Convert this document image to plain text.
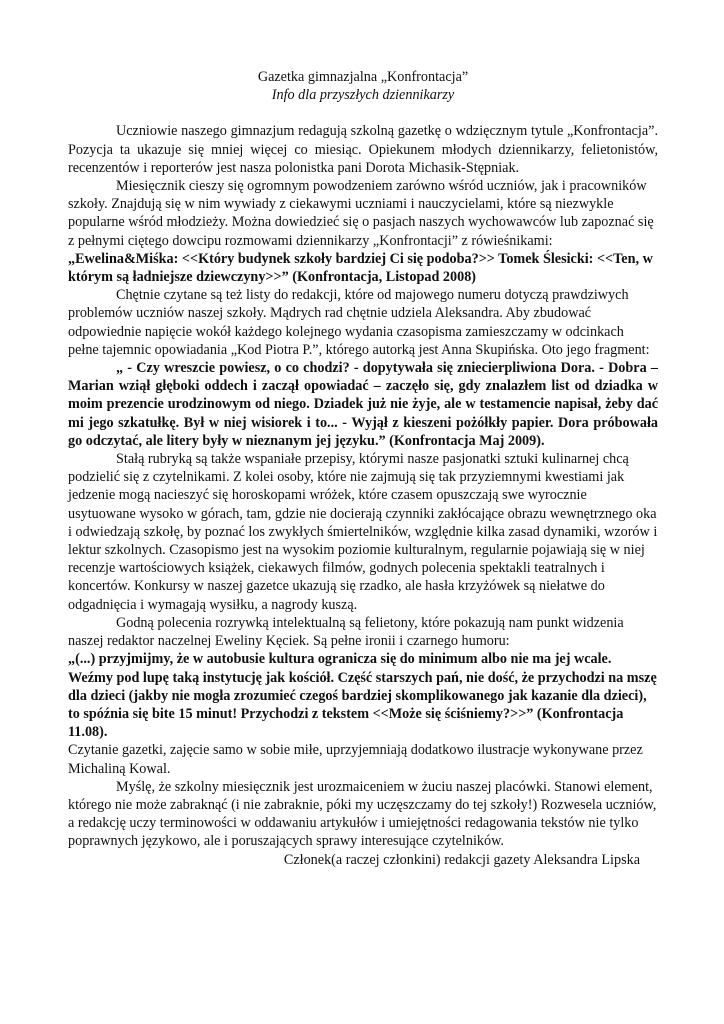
Gazetka gimnazjalna „Konfrontacja”

Info dla przyszłych dziennikarzy

Uczniowie naszego gimnazjum redagują szkolną gazetkę o wdzięcznym tytule „Konfrontacja”. Pozycja ta ukazuje się mniej więcej co miesiąc. Opiekunem młodych dziennikarzy, felietonistów, recenzentów i reporterów jest nasza polonistka pani Dorota Michasik-Stępniak.

Miesięcznik cieszy się ogromnym powodzeniem zarówno wśród uczniów, jak i pracowników szkoły. Znajdują się w nim wywiady z ciekawymi uczniami i nauczycielami, które są niezwykle popularne wśród młodzieży. Można dowiedzieć się o pasjach naszych wychowawców lub zapoznać się z pełnymi ciętego dowcipu rozmowami dziennikarzy „Konfrontacji” z rówieśnikami:

„Ewelina&Miśka: <<Który budynek szkoły bardziej Ci się podoba?>> Tomek Ślesicki: <<Ten, w którym są ładniejsze dziewczyny>>” (Konfrontacja, Listopad 2008)

Chętnie czytane są też listy do redakcji, które od majowego numeru dotyczą prawdziwych problemów uczniów naszej szkoły. Mądrych rad chętnie udziela Aleksandra. Aby zbudować odpowiednie napięcie wokół każdego kolejnego wydania czasopisma zamieszczamy w odcinkach pełne tajemnic opowiadania „Kod Piotra P.”, którego autorką jest Anna Skupińska. Oto jego fragment:

„ - Czy wreszcie powiesz, o co chodzi? - dopytywała się zniecierpliwiona Dora. - Dobra – Marian wziął głęboki oddech i zaczął opowiadać – zaczęło się, gdy znalazłem list od dziadka w moim prezencie urodzinowym od niego. Dziadek już nie żyje, ale w testamencie napisał, żeby dać mi jego szkatułkę. Był w niej wisiorek i to... - Wyjął z kieszeni pożółkły papier. Dora próbowała go odczytać, ale litery były w nieznanym jej języku.” (Konfrontacja Maj 2009).

Stałą rubryką są także wspaniałe przepisy, którymi nasze pasjonatki sztuki kulinarnej chcą podzielić się z czytelnikami. Z kolei osoby, które nie zajmują się tak przyziemnymi kwestiami jak jedzenie mogą nacieszyć się horoskopami wróżek, które czasem opuszczają swe wyrocznie usytuowane wysoko w górach, tam, gdzie nie docierają czynniki zakłócające obrazu wewnętrznego oka i odwiedzają szkołę, by poznać los zwykłych śmiertelników, względnie kilka zasad dynamiki, wzorów i lektur szkolnych. Czasopismo jest na wysokim poziomie kulturalnym, regularnie pojawiają się w niej recenzje wartościowych książek, ciekawych filmów, godnych polecenia spektakli teatralnych i koncertów. Konkursy w naszej gazetce ukazują się rzadko, ale hasła krzyżówek są niełatwe do odgadnięcia i wymagają wysiłku, a nagrody kuszą.

Godną polecenia rozrywką intelektualną są felietony, które pokazują nam punkt widzenia naszej redaktor naczelnej Eweliny Kęciek. Są pełne ironii i czarnego humoru:

„(...) przyjmijmy, że w autobusie kultura ogranicza się do minimum albo nie ma jej wcale. Weźmy pod lupę taką instytucję jak kościół. Część starszych pań, nie dość, że przychodzi na mszę dla dzieci (jakby nie mogła zrozumieć czegoś bardziej skomplikowanego jak kazanie dla dzieci), to spóźnia się bite 15 minut! Przychodzi z tekstem <<Może się ściśniemy?>>” (Konfrontacja 11.08).

Czytanie gazetki, zajęcie samo w sobie miłe, uprzyjemniają dodatkowo ilustracje wykonywane przez Michaliną Kowal.

Myślę, że szkolny miesięcznik jest urozmaiceniem w żuciu naszej placówki. Stanowi element, którego nie może zabraknąć (i nie zabraknie, póki my uczęszczamy do tej szkoły!) Rozwesela uczniów, a redakcję uczy terminowości w oddawaniu artykułów i umiejętności redagowania tekstów nie tylko poprawnych językowo, ale i poruszających sprawy interesujące czytelników.

Członek(a raczej członkini) redakcji gazety Aleksandra Lipska
